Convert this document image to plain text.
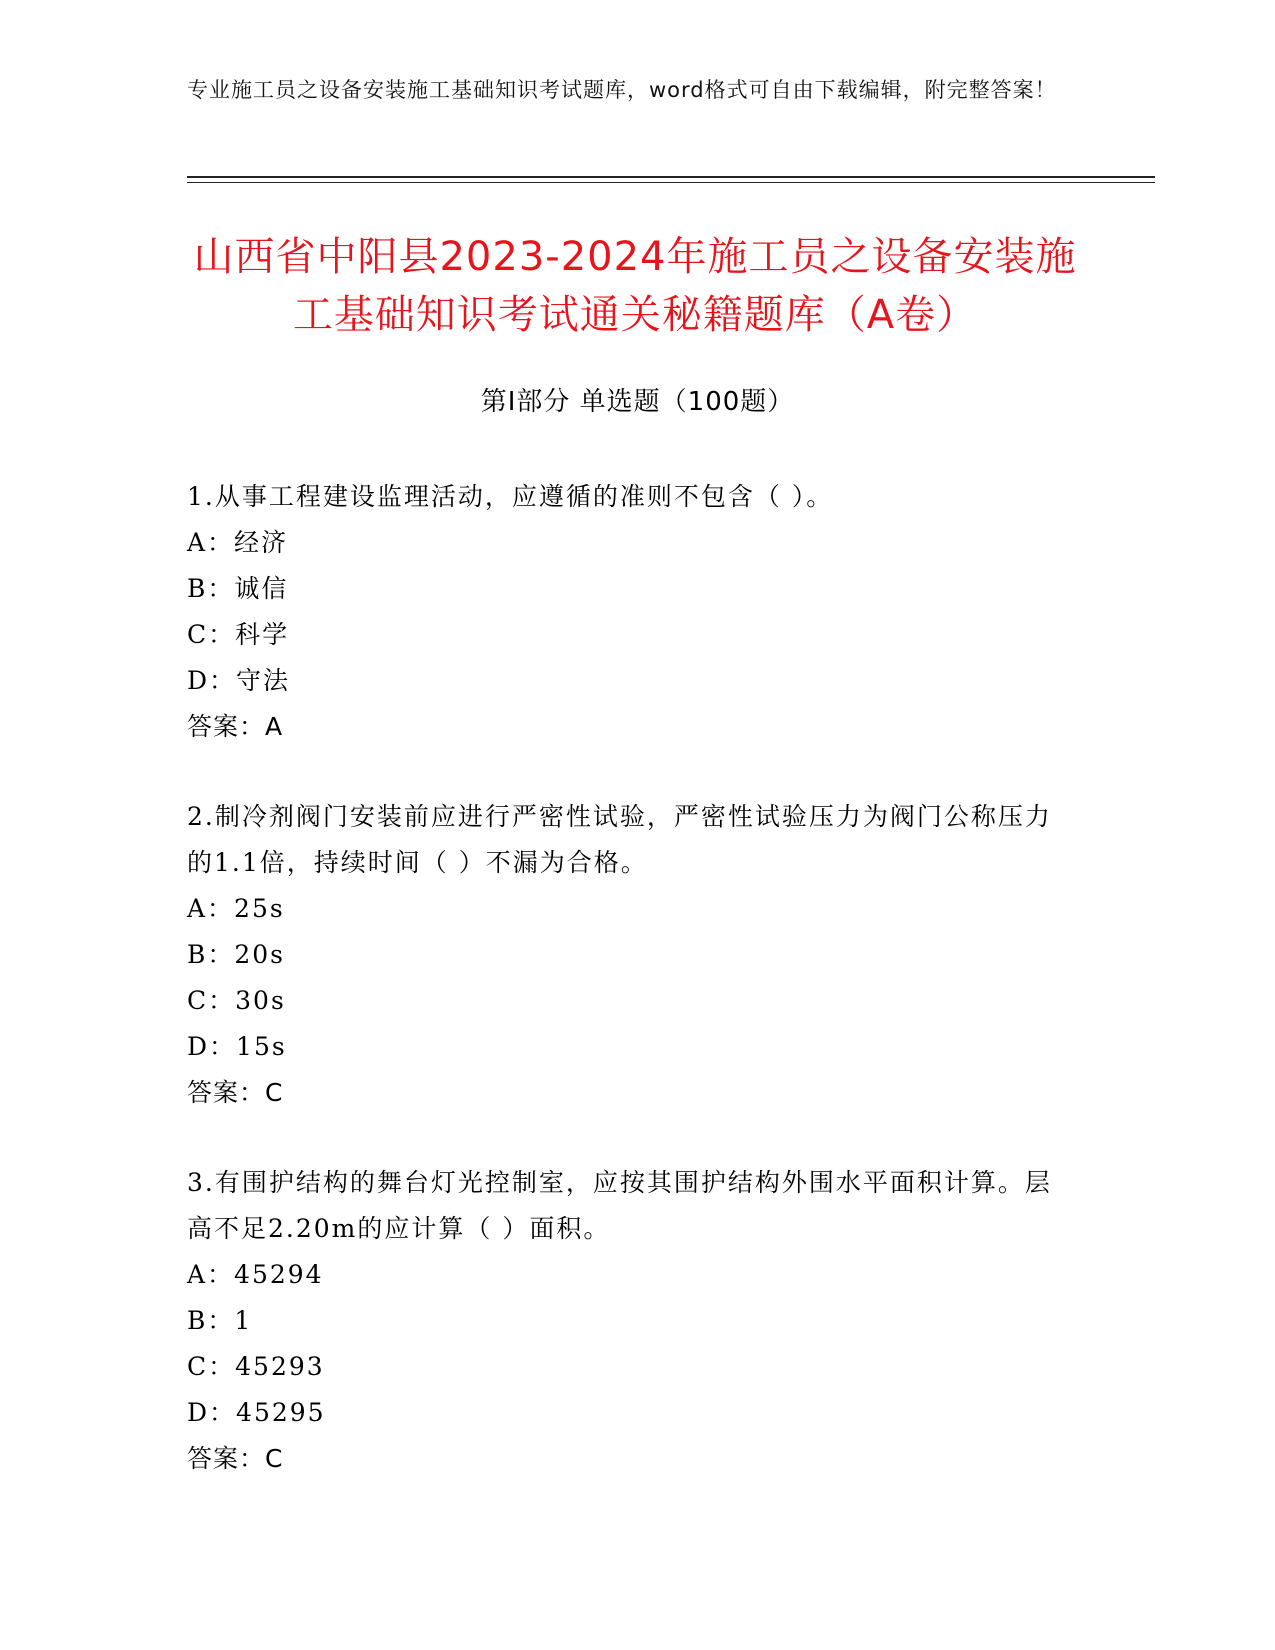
专业施工员之设备安装施工基础知识考试题库，word格式可自由下载编辑，附完整答案！
山西省中阳县2023-2024年施工员之设备安装施工基础知识考试通关秘籍题库（A卷）
第I部分 单选题（100题）
1.从事工程建设监理活动，应遵循的准则不包含（ ）。
A：经济
B：诚信
C：科学
D：守法
答案：A
2.制冷剂阀门安装前应进行严密性试验，严密性试验压力为阀门公称压力的1.1倍，持续时间（ ）不漏为合格。
A：25s
B：20s
C：30s
D：15s
答案：C
3.有围护结构的舞台灯光控制室，应按其围护结构外围水平面积计算。层高不足2.20m的应计算（ ）面积。
A：45294
B：1
C：45293
D：45295
答案：C
